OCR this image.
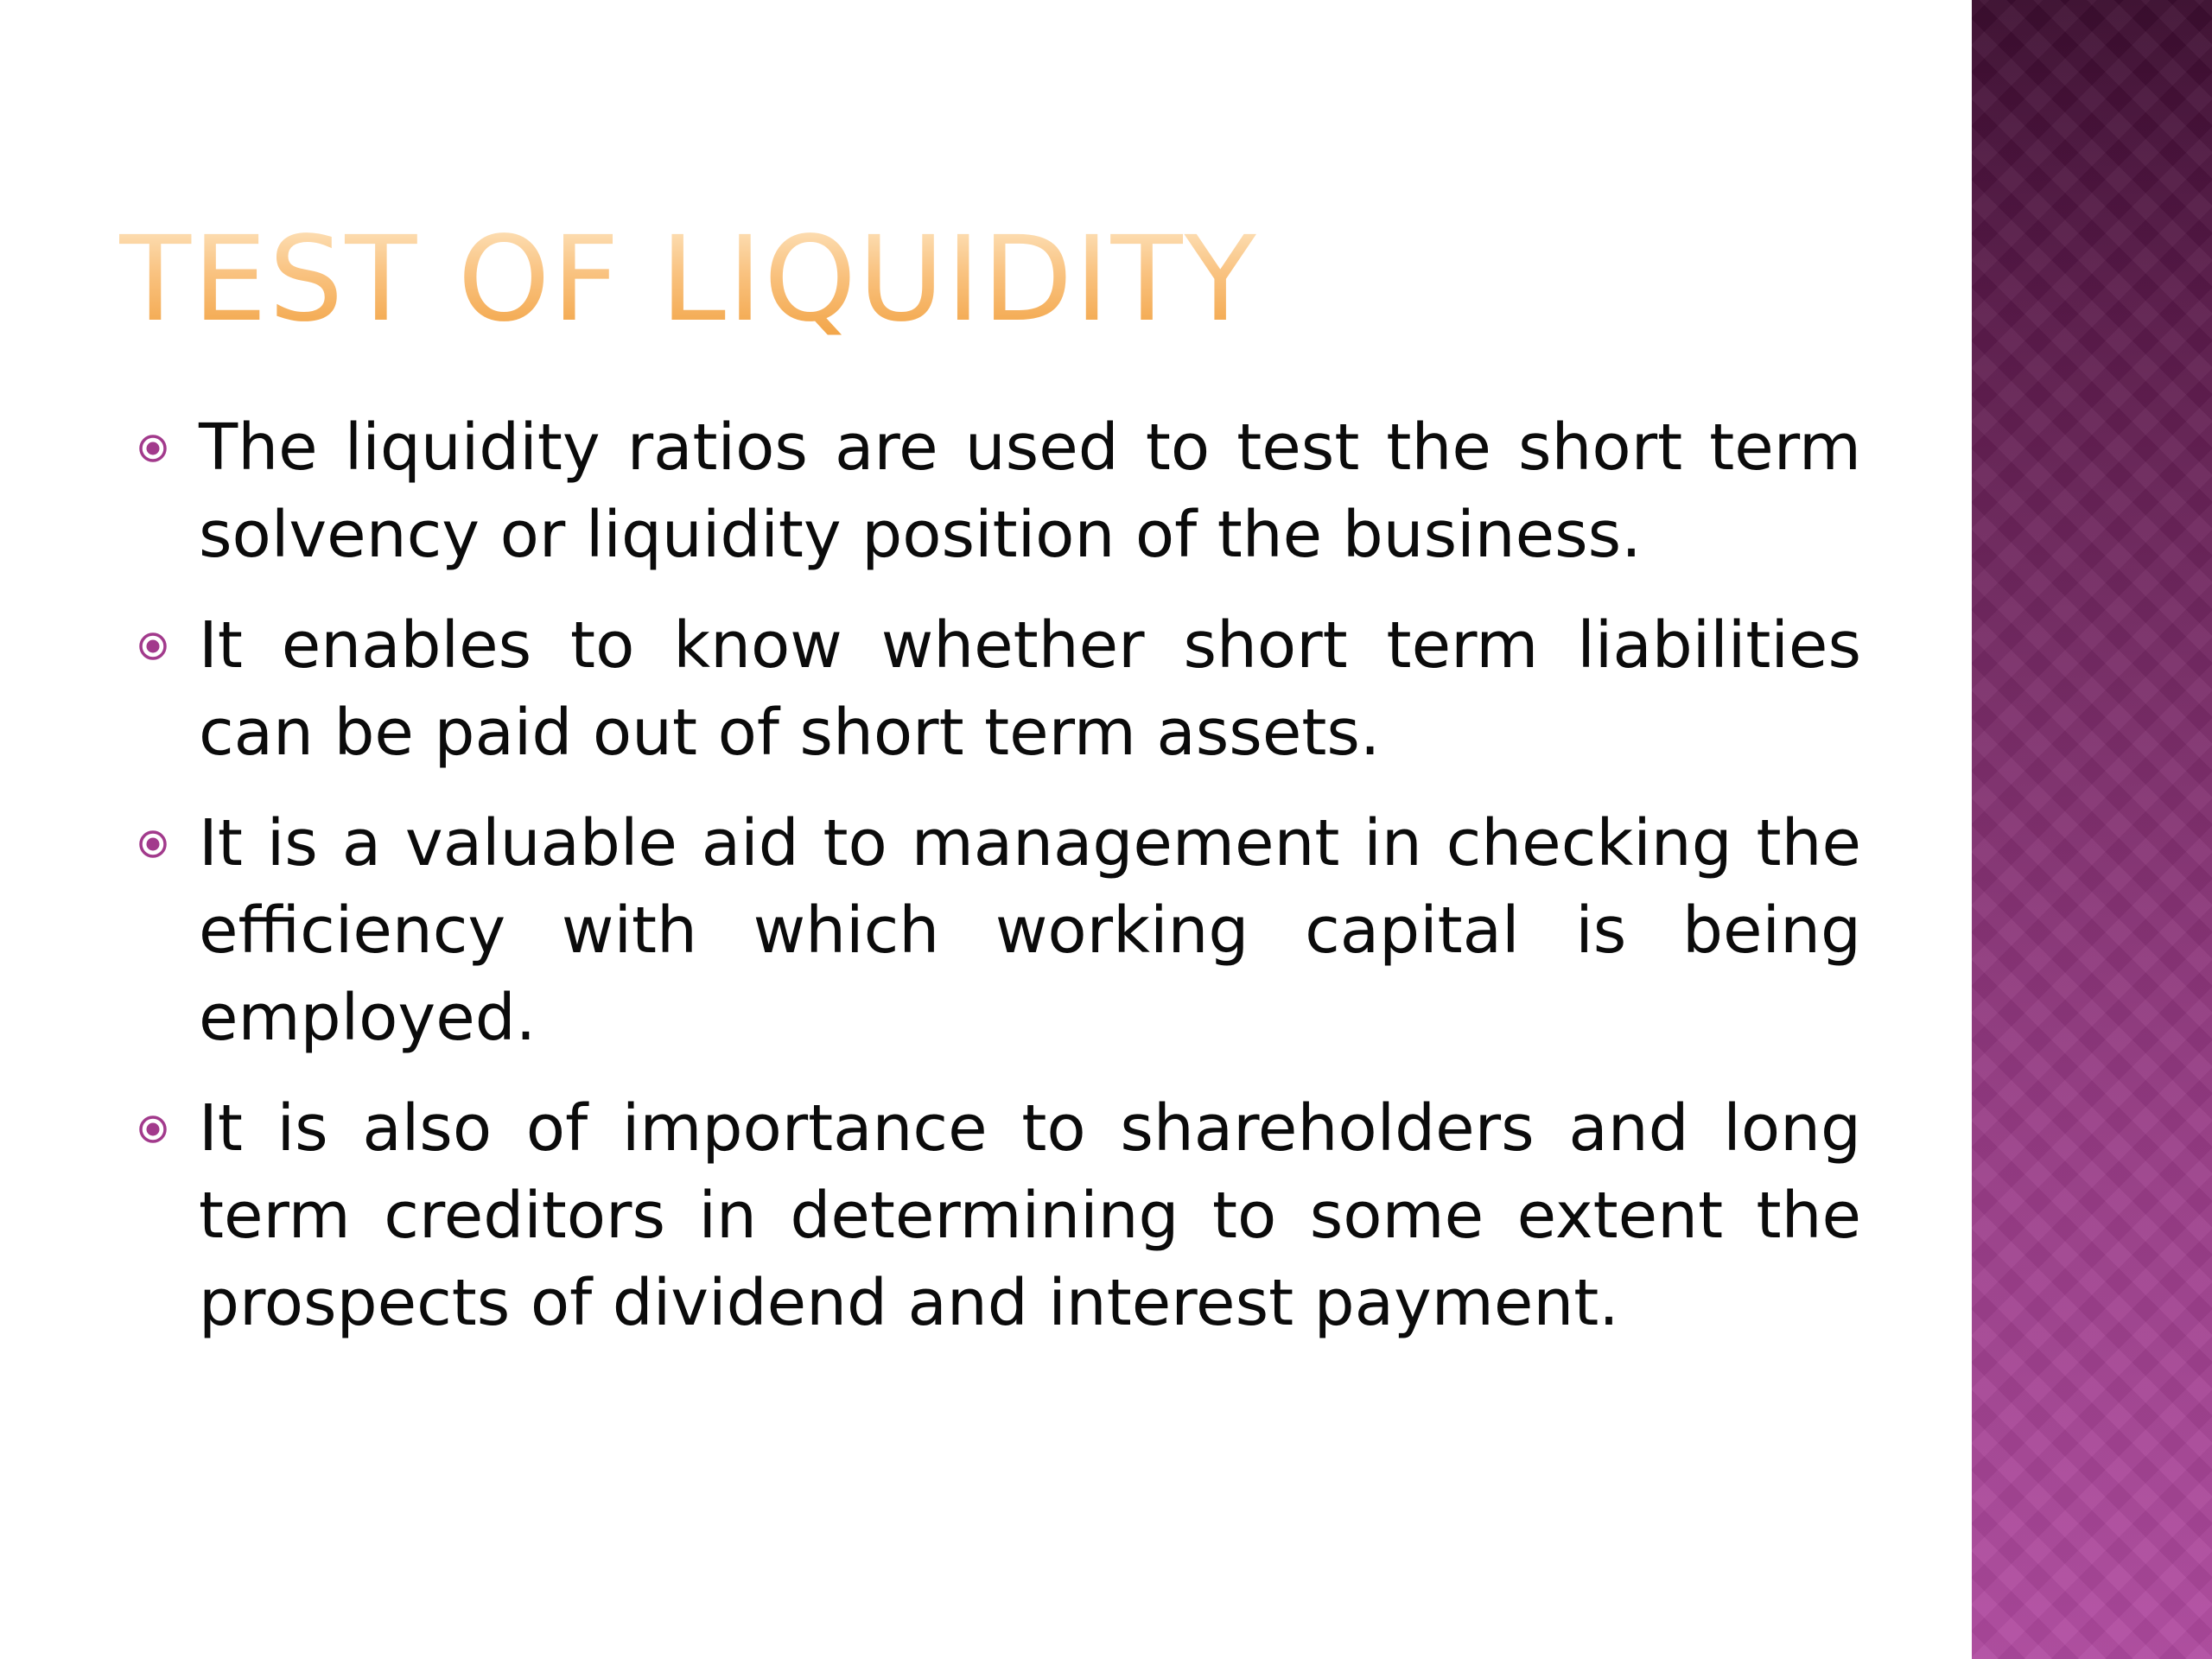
TEST OF LIQUIDITY
The liquidity ratios are used to test the short term solvency or liquidity position of the business.
It enables to know whether short term liabilities can be paid out of short term assets.
It is a valuable aid to management in checking the efficiency with which working capital is being employed.
It is also of importance to shareholders and long term creditors in determining to some extent the prospects of dividend and interest payment.
